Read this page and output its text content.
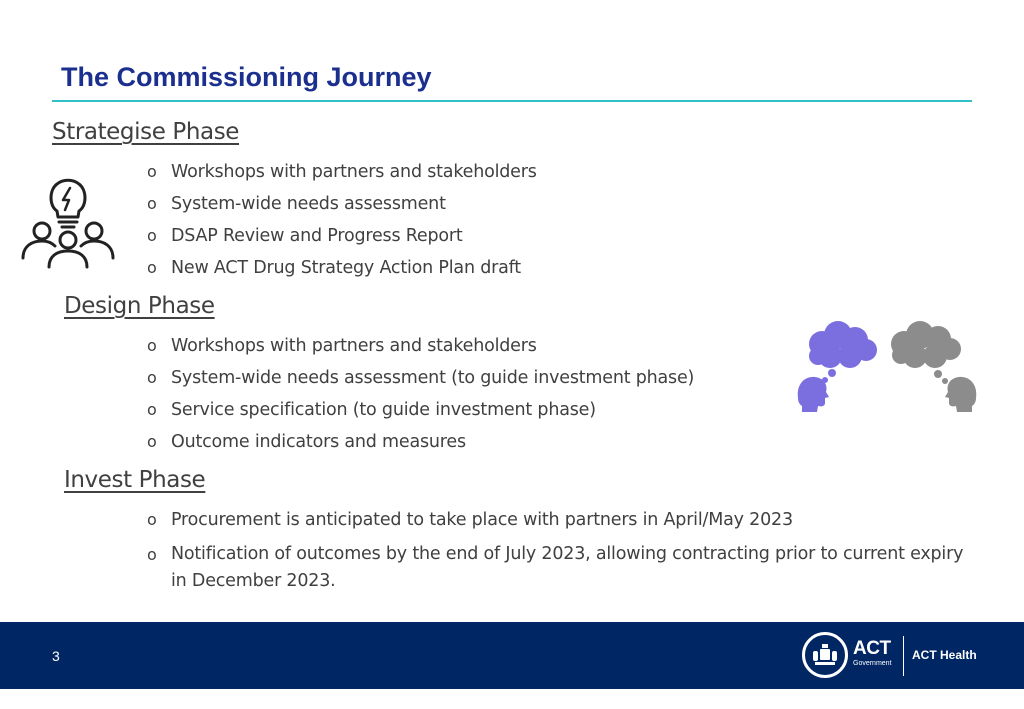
The Commissioning Journey
Strategise Phase
o Workshops with partners and stakeholders
o System-wide needs assessment
o DSAP Review and Progress Report
o New ACT Drug Strategy Action Plan draft
Design Phase
o Workshops with partners and stakeholders
o System-wide needs assessment (to guide investment phase)
o Service specification (to guide investment phase)
o Outcome indicators and measures
Invest Phase
o Procurement is anticipated to take place with partners in April/May 2023
o Notification of outcomes by the end of July 2023, allowing contracting prior to current expiry in December 2023.
3	ACT
Government
ACT Health
